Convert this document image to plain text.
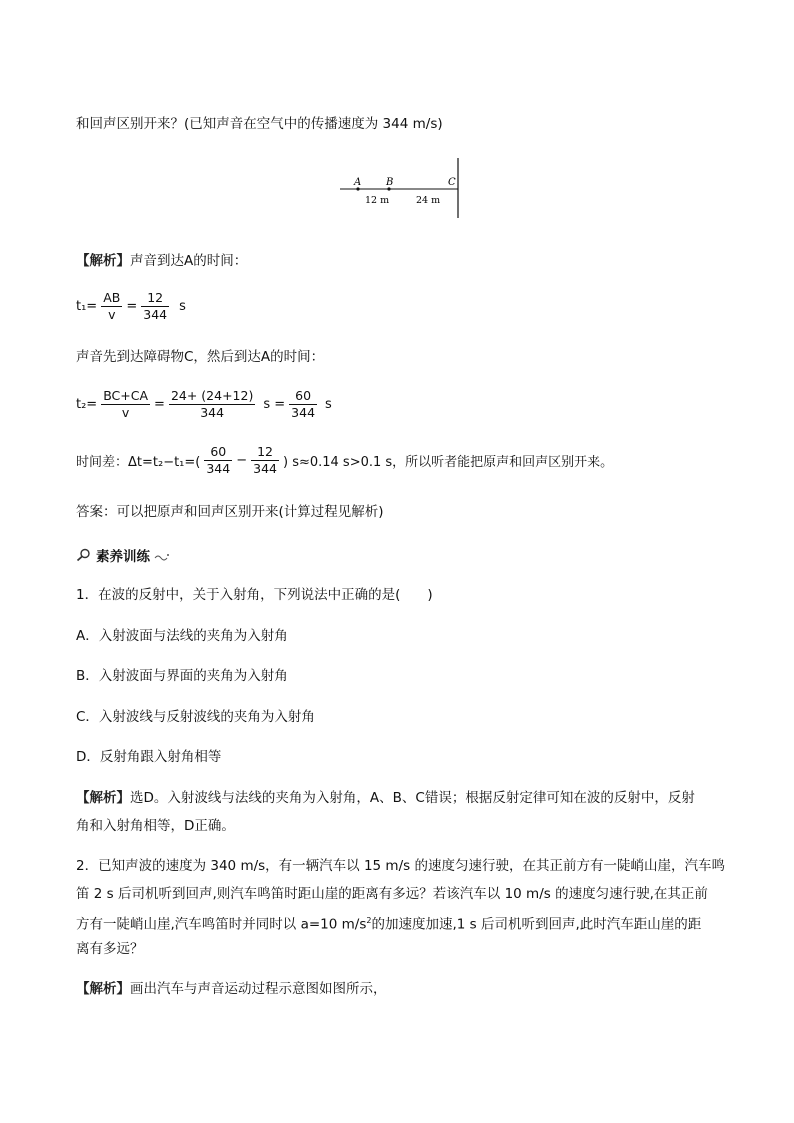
和回声区别开来？(已知声音在空气中的传播速度为 344 m/s)
A B	C
12 m	24 m
【解析】声音到达A的时间：
$t_1= \frac{AB}{v} = \frac{12}{344}$ s
声音先到达障碍物C，然后到达A的时间：
$t_2= \frac{BC+CA}{v} = \frac{24+ (24+12)}{344}$ $s = \frac{60}{344}$ s
时间差：$\Delta t=t_2-t_1=( \frac{60}{344} - \frac{12}{344}$ ) s≈0.14 s>0.1 s，所以听者能把原声和回声区别开来。
答案：可以把原声和回声区别开来(计算过程见解析)
素养训练
1．在波的反射中，关于入射角，下列说法中正确的是(　　)
A．入射波面与法线的夹角为入射角
B．入射波面与界面的夹角为入射角
C．入射波线与反射波线的夹角为入射角
D．反射角跟入射角相等
【解析】选D。入射波线与法线的夹角为入射角，A、B、C错误；根据反射定律可知在波的反射中，反射
角和入射角相等，D正确。
2．已知声波的速度为 340 m/s，有一辆汽车以 15 m/s 的速度匀速行驶，在其正前方有一陡峭山崖，汽车鸣
笛 2 s 后司机听到回声,则汽车鸣笛时距山崖的距离有多远？若该汽车以 10 m/s 的速度匀速行驶,在其正前
方有一陡峭山崖,汽车鸣笛时并同时以 a=10 $m/s^2$的加速度加速,1 s 后司机听到回声,此时汽车距山崖的距
离有多远？
【解析】画出汽车与声音运动过程示意图如图所示，
